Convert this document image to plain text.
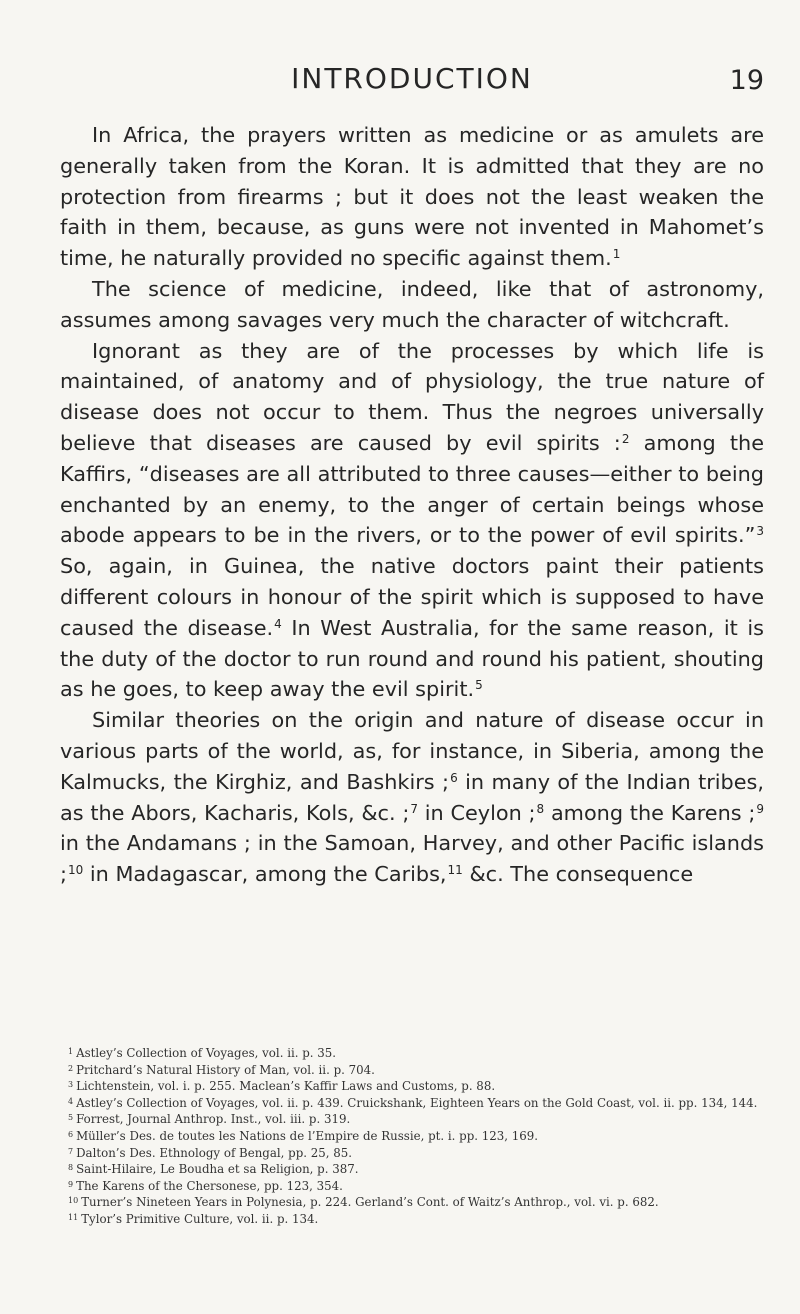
INTRODUCTION	19

In Africa, the prayers written as medicine or as amulets are generally taken from the Koran. It is admitted that they are no protection from firearms ; but it does not the least weaken the faith in them, because, as guns were not invented in Mahomet’s time, he naturally provided no specific against them.$^1$

The science of medicine, indeed, like that of astronomy, assumes among savages very much the character of witchcraft.

Ignorant as they are of the processes by which life is maintained, of anatomy and of physiology, the true nature of disease does not occur to them. Thus the negroes universally believe that diseases are caused by evil spirits :$^2$ among the Kaffirs, “diseases are all attributed to three causes—either to being enchanted by an enemy, to the anger of certain beings whose abode appears to be in the rivers, or to the power of evil spirits.”$^3$ So, again, in Guinea, the native doctors paint their patients different colours in honour of the spirit which is supposed to have caused the disease.$^4$ In West Australia, for the same reason, it is the duty of the doctor to run round and round his patient, shouting as he goes, to keep away the evil spirit.$^5$

Similar theories on the origin and nature of disease occur in various parts of the world, as, for instance, in Siberia, among the Kalmucks, the Kirghiz, and Bashkirs ;$^6$ in many of the Indian tribes, as the Abors, Kacharis, Kols, &c. ;$^7$ in Ceylon ;$^8$ among the Karens ;$^9$ in the Andamans ; in the Samoan, Harvey, and other Pacific islands ;$^{10}$ in Madagascar, among the Caribs,$^{11}$ &c. The consequence

$^1$ Astley’s Collection of Voyages, vol. ii. p. 35.

$^2$ Pritchard’s Natural History of Man, vol. ii. p. 704.

$^3$ Lichtenstein, vol. i. p. 255. Maclean’s Kaffir Laws and Customs, p. 88.

$^4$ Astley’s Collection of Voyages, vol. ii. p. 439. Cruickshank, Eighteen Years on the Gold Coast, vol. ii. pp. 134, 144.

$^5$ Forrest, Journal Anthrop. Inst., vol. iii. p. 319.

$^6$ Müller’s Des. de toutes les Nations de l’Empire de Russie, pt. i. pp. 123, 169.

$^7$ Dalton’s Des. Ethnology of Bengal, pp. 25, 85.

$^8$ Saint-Hilaire, Le Boudha et sa Religion, p. 387.

$^9$ The Karens of the Chersonese, pp. 123, 354.

$^{10}$ Turner’s Nineteen Years in Polynesia, p. 224. Gerland’s Cont. of Waitz’s Anthrop., vol. vi. p. 682.

$^{11}$ Tylor’s Primitive Culture, vol. ii. p. 134.
